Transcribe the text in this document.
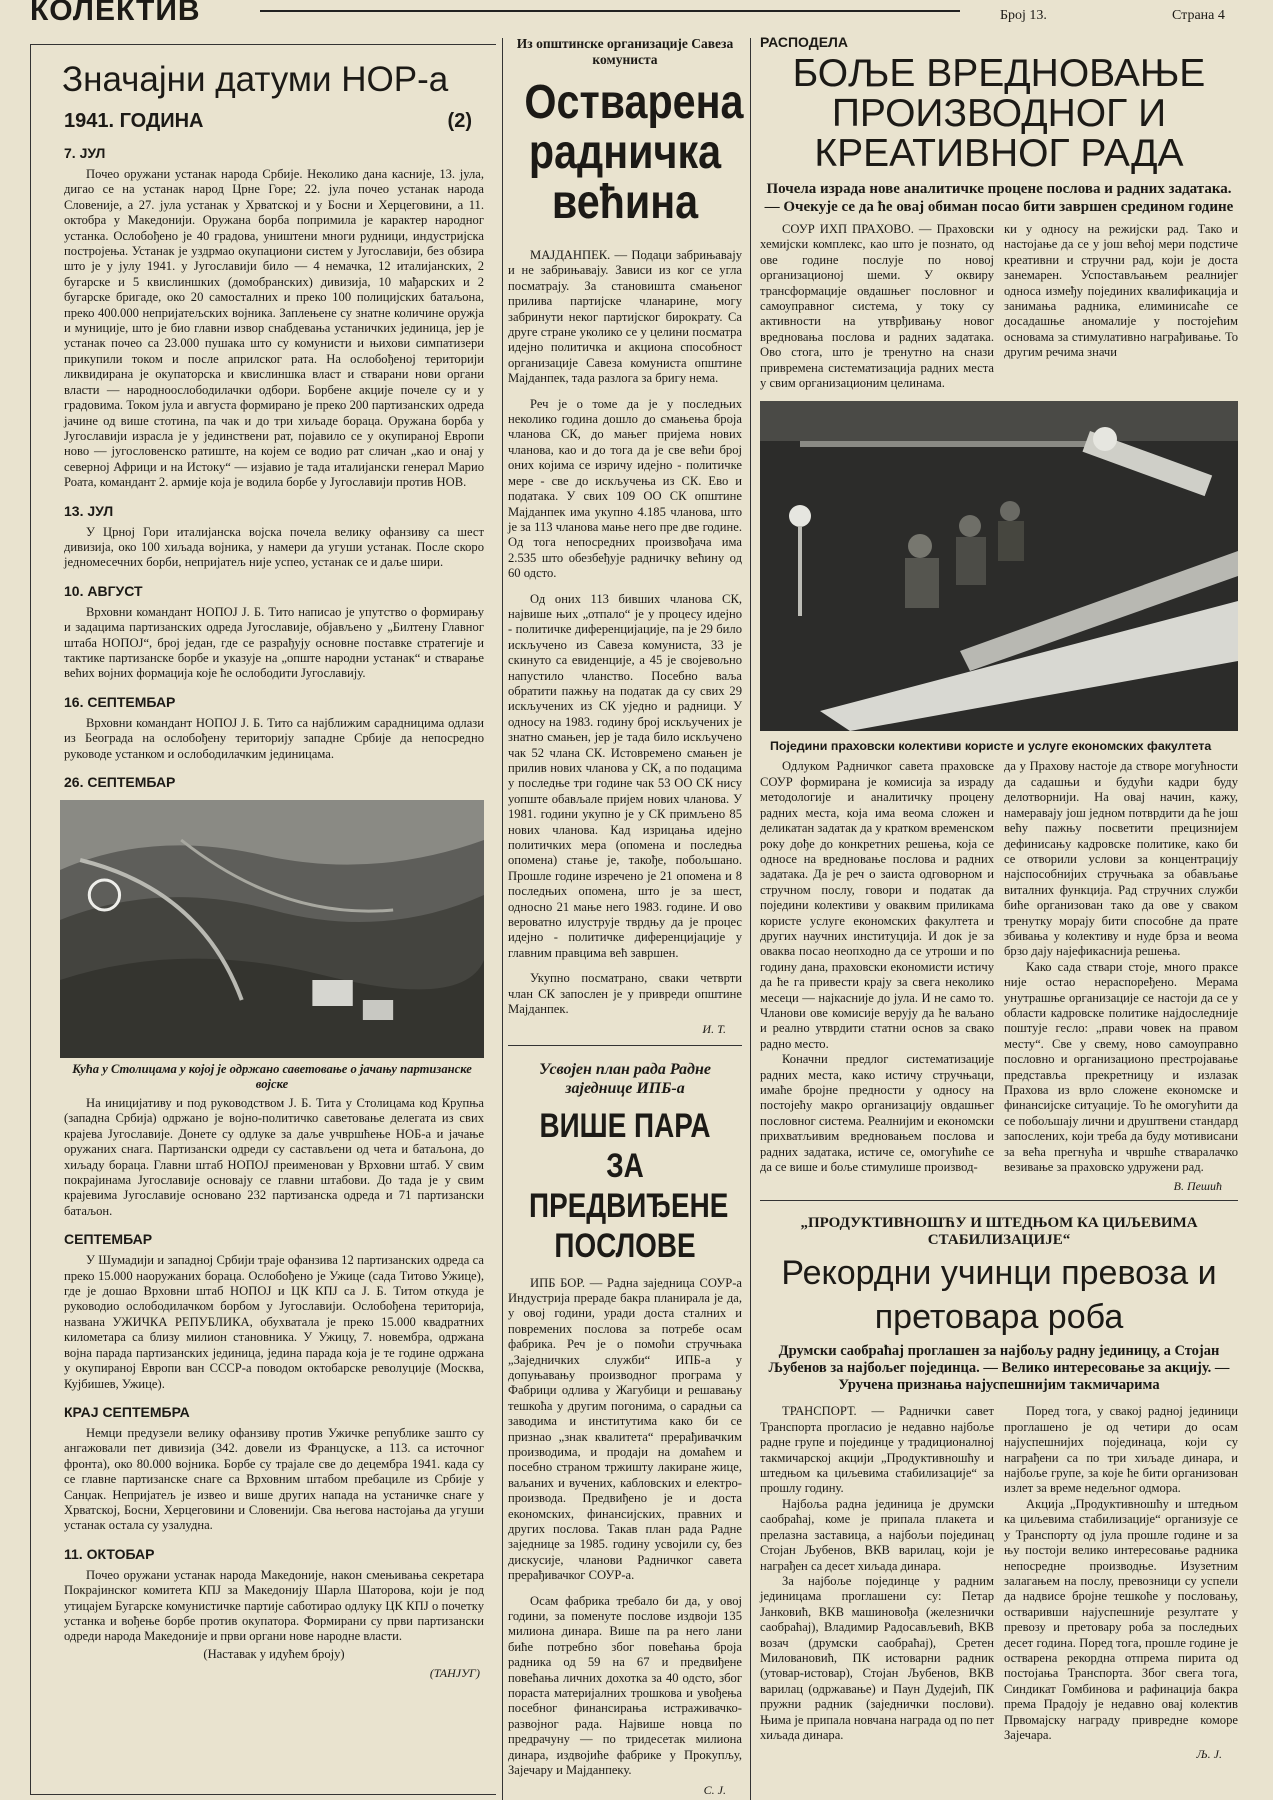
КОЛЕКТИВ	Број 13.	Страна 4
Значајни датуми НОР-а
1941. ГОДИНА	(2)
7. ЈУЛ

Почео оружани устанак народа Србије. Неколико дана касније, 13. јула, дигао се на устанак народ Црне Горе; 22. јула почео устанак народа Словеније, а 27. јула устанак у Хрватској и у Босни и Херцеговини, а 11. октобра у Македонији. Оружана борба попримила је карактер народног устанка. Ослобођено је 40 градова, уништени многи рудници, индустријска постројења. Устанак је уздрмао окупациони систем у Југославији, без обзира што је у јулу 1941. у Југославији било — 4 немачка, 12 италијанских, 2 бугарске и 5 квислиншких (домобранских) дивизија, 10 мађарских и 2 бугарске бригаде, око 20 самосталних и преко 100 полицијских батаљона, преко 400.000 непријатељских војника. Заплењене су знатне количине оружја и муниције, што је био главни извор снабдевања устаничких јединица, јер је устанак почео са 23.000 пушака што су комунисти и њихови симпатизери прикупили током и после априлског рата. На ослобођеној територији ликвидирана је окупаторска и квислиншка власт и стварани нови органи власти — народноослободилачки одбори. Борбене акције почеле су и у градовима. Током јула и августа формирано је преко 200 партизанских одреда јачине од више стотина, па чак и до три хиљаде бораца. Оружана борба у Југославији израсла је у јединствени рат, појавило се у окупираној Европи ново — југословенско ратиште, на којем се водио рат сличан „као и онај у северној Африци и на Истоку“ — изјавио је тада италијански генерал Марио Роата, командант 2. армије која је водила борбе у Југославији против НОВ.

13. ЈУЛ

У Црној Гори италијанска војска почела велику офанзиву са шест дивизија, око 100 хиљада војника, у намери да угуши устанак. После скоро једномесечних борби, непријатељ није успео, устанак се и даље шири.

10. АВГУСТ

Врховни командант НОПОЈ Ј. Б. Тито написао је упутство о формирању и задацима партизанских одреда Југославије, објављено у „Билтену Главног штаба НОПОЈ“, број један, где се разрађују основне поставке стратегије и тактике партизанске борбе и указује на „опште народни устанак“ и стварање већих војних формација које ће ослободити Југославију.

16. СЕПТЕМБАР

Врховни командант НОПОЈ Ј. Б. Тито са најближим сарадницима одлази из Београда на ослобођену територију западне Србије да непосредно руководе устанком и ослободилачким јединицама.

26. СЕПТЕМБАР
Кућа у Столицама у којој је одржано саветовање о јачању партизанске војске

На иницијативу и под руководством Ј. Б. Тита у Столицама код Крупња (западна Србија) одржано је војно-политичко саветовање делегата из свих крајева Југославије. Донете су одлуке за даље учвршћење НОБ-а и јачање оружаних снага. Партизански одреди су састављени од чета и батаљона, до хиљаду бораца. Главни штаб НОПОЈ преименован у Врховни штаб. У свим покрајинама Југославије основају се главни штабови. До тада је у свим крајевима Југославије основано 232 партизанска одреда и 71 партизански батаљон.

СЕПТЕМБАР

У Шумадији и западној Србији траје офанзива 12 партизанских одреда са преко 15.000 наоружаних бораца. Ослобођено је Ужице (сада Титово Ужице), где је дошао Врховни штаб НОПОЈ и ЦК КПЈ са Ј. Б. Титом откуда је руководио ослободилачком борбом у Југославији. Ослобођена територија, названа УЖИЧКА РЕПУБЛИКА, обухватала је преко 15.000 квадратних километара са близу милион становника. У Ужицу, 7. новембра, одржана војна парада партизанских јединица, једина парада која је те године одржана у окупираној Европи ван СССР-а поводом октобарске револуције (Москва, Кујбишев, Ужице).

КРАЈ СЕПТЕМБРА

Немци предузели велику офанзиву против Ужичке републике зашто су ангажовали пет дивизија (342. довели из Француске, а 113. са источног фронта), око 80.000 војника. Борбе су трајале све до децембра 1941. када су се главне партизанске снаге са Врховним штабом пребациле из Србије у Санџак. Непријатељ је извео и више других напада на устаничке снаге у Хрватској, Босни, Херцеговини и Словенији. Сва његова настојања да угуши устанак остала су узалудна.

11. ОКТОБАР

Почео оружани устанак народа Македоније, након смењивања секретара Покрајинског комитета КПЈ за Македонију Шарла Шаторова, који је под утицајем Бугарске комунистичке партије саботирао одлуку ЦК КПЈ о почетку устанка и вођење борбе против окупатора. Формирани су први партизански одреди народа Македоније и први органи нове народне власти.

(Наставак у идућем броју)
(ТАНЈУГ)
Из општинске организације Савеза комуниста
Остварена радничка већина

МАЈДАНПЕК. — Подаци забрињавају и не забрињавају. Зависи из ког се угла посматрају. За становишта смањеног прилива партијске чланарине, могу забринути неког партијског бирократу. Са друге стране уколико се у целини посматра идејно политичка и акциона способност организације Савеза комуниста општине Мајданпек, тада разлога за бригу нема.

Реч је о томе да је у последњих неколико година дошло до смањења броја чланова СК, до мањег пријема нових чланова, као и до тога да је све већи број оних којима се изричу идејно - политичке мере - све до искључења из СК. Ево и података. У свих 109 ОО СК општине Мајданпек има укупно 4.185 чланова, што је за 113 чланова мање него пре две године. Од тога непосредних произвођача има 2.535 што обезбеђује радничку већину од 60 одсто.

Од оних 113 бивших чланова СК, највише њих „отпало“ је у процесу идејно - политичке диференцијације, па је 29 било искључено из Савеза комуниста, 33 је скинуто са евиденције, а 45 је својевољно напустило чланство. Посебно ваља обратити пажњу на податак да су свих 29 искључених из СК уједно и радници. У односу на 1983. годину број искључених је знатно смањен, јер је тада било искључено чак 52 члана СК. Истовремено смањен је прилив нових чланова у СК, а по подацима у последње три године чак 53 ОО СК нису уопште обављале пријем нових чланова. У 1981. години укупно је у СК примљено 85 нових чланова. Кад изрицања идејно политичких мера (опомена и последња опомена) стање је, такође, побољшано. Прошле године изречено је 21 опомена и 8 последњих опомена, што је за шест, односно 21 мање него 1983. године. И ово вероватно илуструје тврдњу да је процес идејно - политичке диференцијације у главним правцима већ завршен.

Укупно посматрано, сваки четврти члан СК запослен је у привреди општине Мајданпек.

И. Т.
Усвојен план рада Радне заједнице ИПБ-а
ВИШЕ ПАРА ЗА ПРЕДВИЂЕНЕ ПОСЛОВЕ

ИПБ БОР. — Радна заједница СОУР-а Индустрија прераде бакра планирала је да, у овој години, уради доста сталних и повремених послова за потребе осам фабрика. Реч је о помоћи стручњака „Заједничких служби“ ИПБ-а у допуњавању производног програма у Фабрици одлива у Жагубици и решавању тешкоћа у другим погонима, о сарадњи са заводима и институтима како би се признао „знак квалитета“ прерађивачким производима, и продаји на домаћем и посебно страном тржишту лакиране жице, ваљаних и вучених, кабловских и електро-производа. Предвиђено је и доста економских, финансијских, правних и других послова. Такав план рада Радне заједнице за 1985. годину усвојили су, без дискусије, чланови Радничког савета прерађивачког СОУР-а.

Осам фабрика требало би да, у овој години, за поменуте послове издвоји 135 милиона динара. Више па ра него лани биће потребно због повећања броја радника од 59 на 67 и предвиђене повећања личних дохотка за 40 одсто, због пораста материјалних трошкова и увођења посебног финансирања истраживачко-развојног рада. Највише новца по предрачуну — по тридесетак милиона динара, издвојиће фабрике у Прокупљу, Зајечару и Мајданпеку.

С. Ј.
РАСПОДЕЛА
БОЉЕ ВРЕДНОВАЊЕ ПРОИЗВОДНОГ И КРЕАТИВНОГ РАДА
Почела израда нове аналитичке процене послова и радних задатака. — Очекује се да ће овај обиман посао бити завршен средином године

СОУР ИХП ПРАХОВО. — Праховски хемијски комплекс, као што је познато, од ове године послује по новој организационој шеми. У оквиру трансформације овдашњег пословног и самоуправног система, у току су активности на утврђивању новог вредновања послова и радних задатака. Ово стога, што је тренутно на снази привремена систематизација радних места у свим организационим целинама.

ки у односу на режијски рад. Тако и настојање да се у још већој мери подстиче креативни и стручни рад, који је доста занемарен. Успостављањем реалнијег односа између појединих квалификација и занимања радника, елиминисаће се досадашње аномалије у постојећим основама за стимулативно награђивање. То другим речима значи

Поједини праховски колективи користе и услуге економских факултета

Одлуком Радничког савета праховске СОУР формирана је комисија за израду методологије и аналитичку процену радних места, која има веома сложен и деликатан задатак да у кратком временском року дође до конкретних решења, која се односе на вредновање послова и радних задатака. Да је реч о заиста одговорном и стручном послу, говори и податак да поједини колективи у оваквим приликама користе услуге економских факултета и других научних институција. И док је за оваква посао неопходно да се утроши и по годину дана, праховски економисти истичу да ће га привести крају за свега неколико месеци — најкасније до јула. И не само то. Чланови ове комисије верују да ће ваљано и реално утврдити статни основ за свако радно место.

Коначни предлог систематизације радних места, како истичу стручњаци, имаће бројне предности у односу на постојећу макро организацију овдашњег пословног система. Реалнијим и економски прихватљивим вредновањем послова и радних задатака, истиче се, омогућиће се да се више и боље стимулише производ-

да у Прахову настоје да створе могућности да садашњи и будући кадри буду делотворнији. На овај начин, кажу, намеравају још једном потврдити да ће још већу пажњу посветити прецизнијем дефинисању кадровске политике, како би се отворили услови за концентрацију најспособнијих стручњака за обављање виталних функција. Рад стручних служби биће организован тако да ове у сваком тренутку морају бити способне да прате збивања у колективу и нуде брза и веома брзо дају најефикаснија решења.

Како сада ствари стоје, много праксе није остао нераспоређено. Мерама унутрашње организације се настоји да се у области кадровске политике најдоследније поштује гесло: „прави човек на правом месту“. Све у свему, ново самоуправно пословно и организационо престројавање представља прекретницу и излазак Прахова из врло сложене економске и финансијске ситуације. То ће омогућити да се побољшају лични и друштвени стандард запослених, који треба да буду мотивисани за већа прегнућа и чвршће стваралачко везивање за праховско удружени рад.

В. Пешић
„ПРОДУКТИВНОШЋУ И ШТЕДЊОМ КА ЦИЉЕВИМА СТАБИЛИЗАЦИЈЕ“
Рекордни учинци превоза и претовара роба
Друмски саобраћај проглашен за најбољу радну јединицу, а Стојан Љубенов за најбољег појединца. — Велико интересовање за акцију. — Уручена признања најуспешнијим такмичарима

ТРАНСПОРТ. — Раднички савет Транспорта прогласио је недавно најбоље радне групе и појединце у традиционалној такмичарској акцији „Продуктивношћу и штедњом ка циљевима стабилизације“ за прошлу годину.

Најбоља радна јединица је друмски саобраћај, коме је припала плакета и прелазна заставица, а најбољи појединац Стојан Љубенов, ВКВ варилац, који је награђен са десет хиљада динара.

За најбоље појединце у радним јединицама проглашени су: Петар Јанковић, ВКВ машиновођа (железнички саобраћај), Владимир Радосављевић, ВКВ возач (друмски саобраћај), Сретен Миловановић, ПК истоварни радник (утовар-истовар), Стојан Љубенов, ВКВ варилац (одржавање) и Паун Дудејић, ПК пружни радник (заједнички послови). Њима је припала новчана награда од по пет хиљада динара.

Поред тога, у свакој радној јединици проглашено је од четири до осам најуспешнијих појединаца, који су награђени са по три хиљаде динара, и најбоље групе, за које ће бити организован излет за време недељног одмора.

Акција „Продуктивношћу и штедњом ка циљевима стабилизације“ организује се у Транспорту од јула прошле године и за њу постоји велико интересовање радника непосредне производње. Изузетним залагањем на послу, превозници су успели да надвисе бројне тешкоће у пословању, остваривши најуспешније резултате у превозу и претовару роба за последњих десет година. Поред тога, прошле године је остварена рекордна отпрема пирита од постојања Транспорта. Због свега тога, Синдикат Гомбинова и рафинација бакра према Прадоју је недавно овај колектив Првомајску награду привредне коморе Зајечара.

Љ. Ј.
